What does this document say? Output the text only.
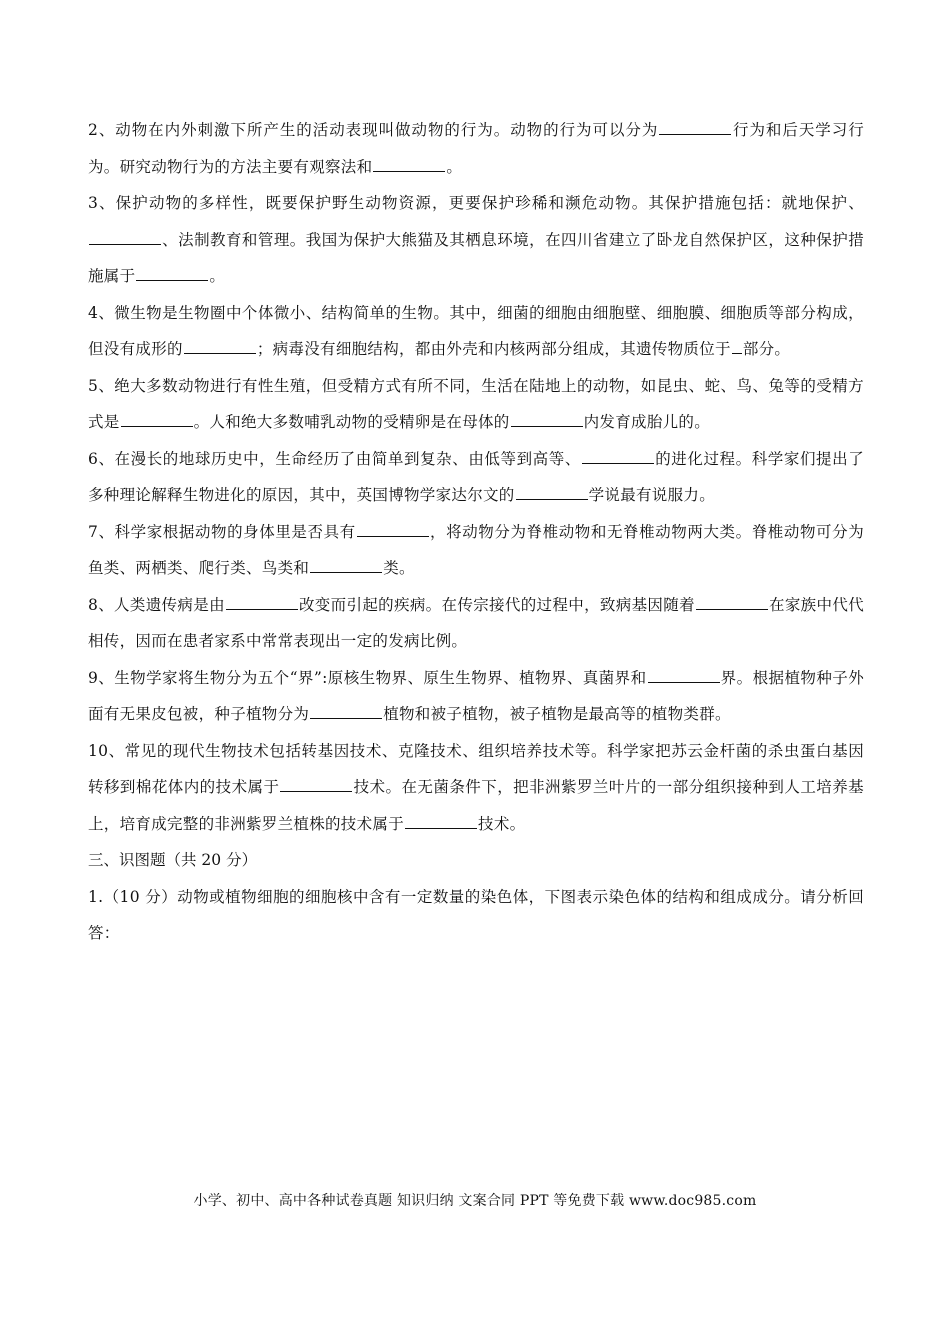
2、动物在内外刺激下所产生的活动表现叫做动物的行为。动物的行为可以分为	行为和后天学习行为。研究动物行为的方法主要有观察法和	。

3、保护动物的多样性，既要保护野生动物资源，更要保护珍稀和濒危动物。其保护措施包括：就地保护、、法制教育和管理。我国为保护大熊猫及其栖息环境，在四川省建立了卧龙自然保护区，这种保护措施属于	。

4、微生物是生物圈中个体微小、结构简单的生物。其中，细菌的细胞由细胞壁、细胞膜、细胞质等部分构成，但没有成形的	；病毒没有细胞结构，都由外壳和内核两部分组成，其遗传物质位于 部分。

5、绝大多数动物进行有性生殖，但受精方式有所不同，生活在陆地上的动物，如昆虫、蛇、鸟、兔等的受精方式是	。人和绝大多数哺乳动物的受精卵是在母体的	内发育成胎儿的。

6、在漫长的地球历史中，生命经历了由简单到复杂、由低等到高等、	的进化过程。科学家们提出了多种理论解释生物进化的原因，其中，英国博物学家达尔文的	学说最有说服力。

7、科学家根据动物的身体里是否具有	，将动物分为脊椎动物和无脊椎动物两大类。脊椎动物可分为鱼类、两栖类、爬行类、鸟类和	类。

8、人类遗传病是由	改变而引起的疾病。在传宗接代的过程中，致病基因随着	在家族中代代相传，因而在患者家系中常常表现出一定的发病比例。

9、生物学家将生物分为五个“界”:原核生物界、原生生物界、植物界、真菌界和	界。根据植物种子外面有无果皮包被，种子植物分为	植物和被子植物，被子植物是最高等的植物类群。

10、常见的现代生物技术包括转基因技术、克隆技术、组织培养技术等。科学家把苏云金杆菌的杀虫蛋白基因转移到棉花体内的技术属于	技术。在无菌条件下，把非洲紫罗兰叶片的一部分组织接种到人工培养基上，培育成完整的非洲紫罗兰植株的技术属于	技术。

三、识图题（共 20 分）

1.（10 分）动物或植物细胞的细胞核中含有一定数量的染色体，下图表示染色体的结构和组成成分。请分析回答：

小学、初中、高中各种试卷真题 知识归纳 文案合同 PPT 等免费下载 www.doc985.com
